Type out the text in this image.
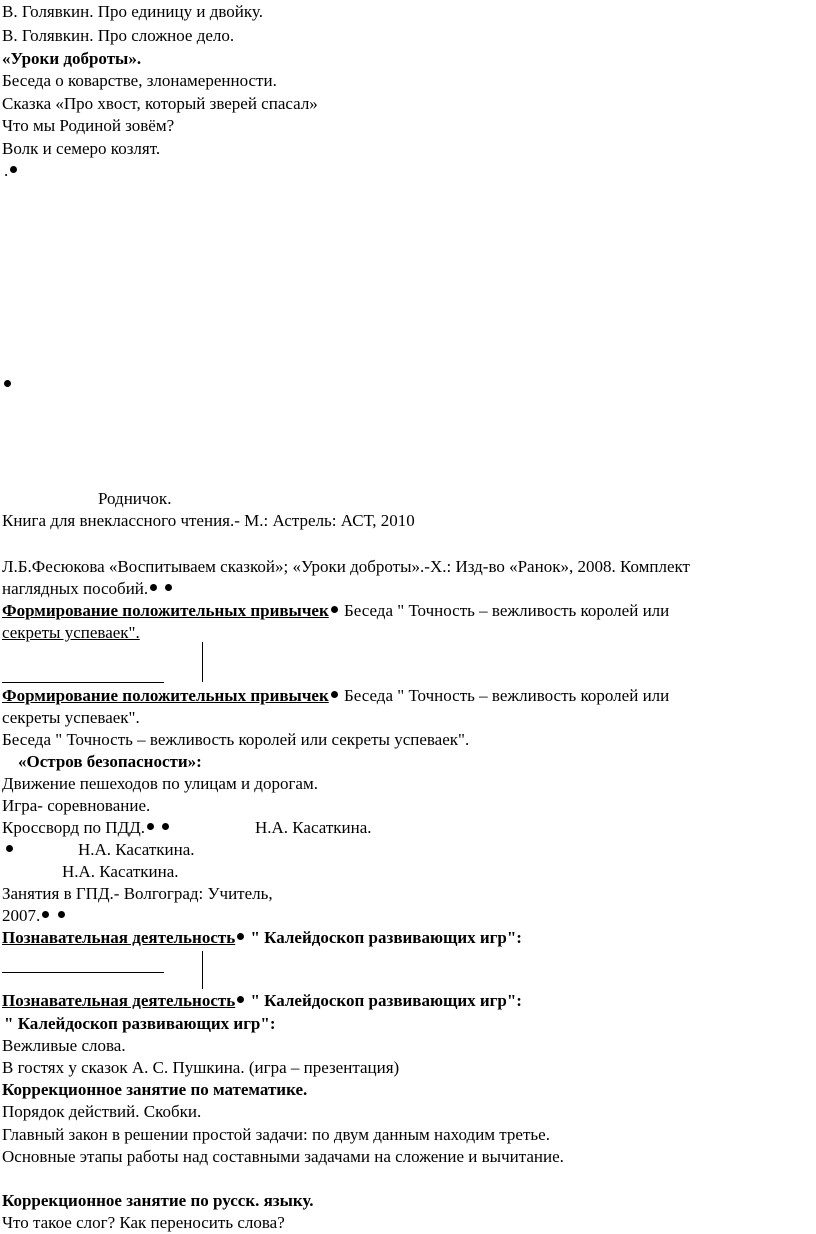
В. Голявкин. Про единицу и двойку.
В. Голявкин. Про сложное дело.
«Уроки доброты».
Беседа о коварстве, злонамеренности.
Сказка «Про хвост, который зверей спасал»
Что мы Родиной зовём?
Волк и семеро козлят.
.
Родничок.
Книга для внеклассного чтения.- М.: Астрель: АСТ, 2010
Л.Б.Фесюкова «Воспитываем сказкой»; «Уроки доброты».-Х.: Изд-во «Ранок», 2008. Комплект
наглядных пособий.
Формирование положительных привычек Беседа " Точность – вежливость королей или
секреты успеваек".
Формирование положительных привычек Беседа " Точность – вежливость королей или
секреты успеваек".
Беседа " Точность – вежливость королей или секреты успеваек".
«Остров безопасности»:
Движение пешеходов по улицам и дорогам.
Игра- соревнование.
Кроссворд по ПДД.	Н.А. Касаткина.
Н.А. Касаткина.
Н.А. Касаткина.
Занятия в ГПД.- Волгоград: Учитель,
2007.
Познавательная деятельность " Калейдоскоп развивающих игр":
Познавательная деятельность " Калейдоскоп развивающих игр":
" Калейдоскоп развивающих игр":
Вежливые слова.
В гостях у сказок А. С. Пушкина. (игра – презентация)
Коррекционное занятие по математике.
Порядок действий. Скобки.
Главный закон в решении простой задачи: по двум данным находим третье.
Основные этапы работы над составными задачами на сложение и вычитание.
Коррекционное занятие по русск. языку.
Что такое слог? Как переносить слова?
